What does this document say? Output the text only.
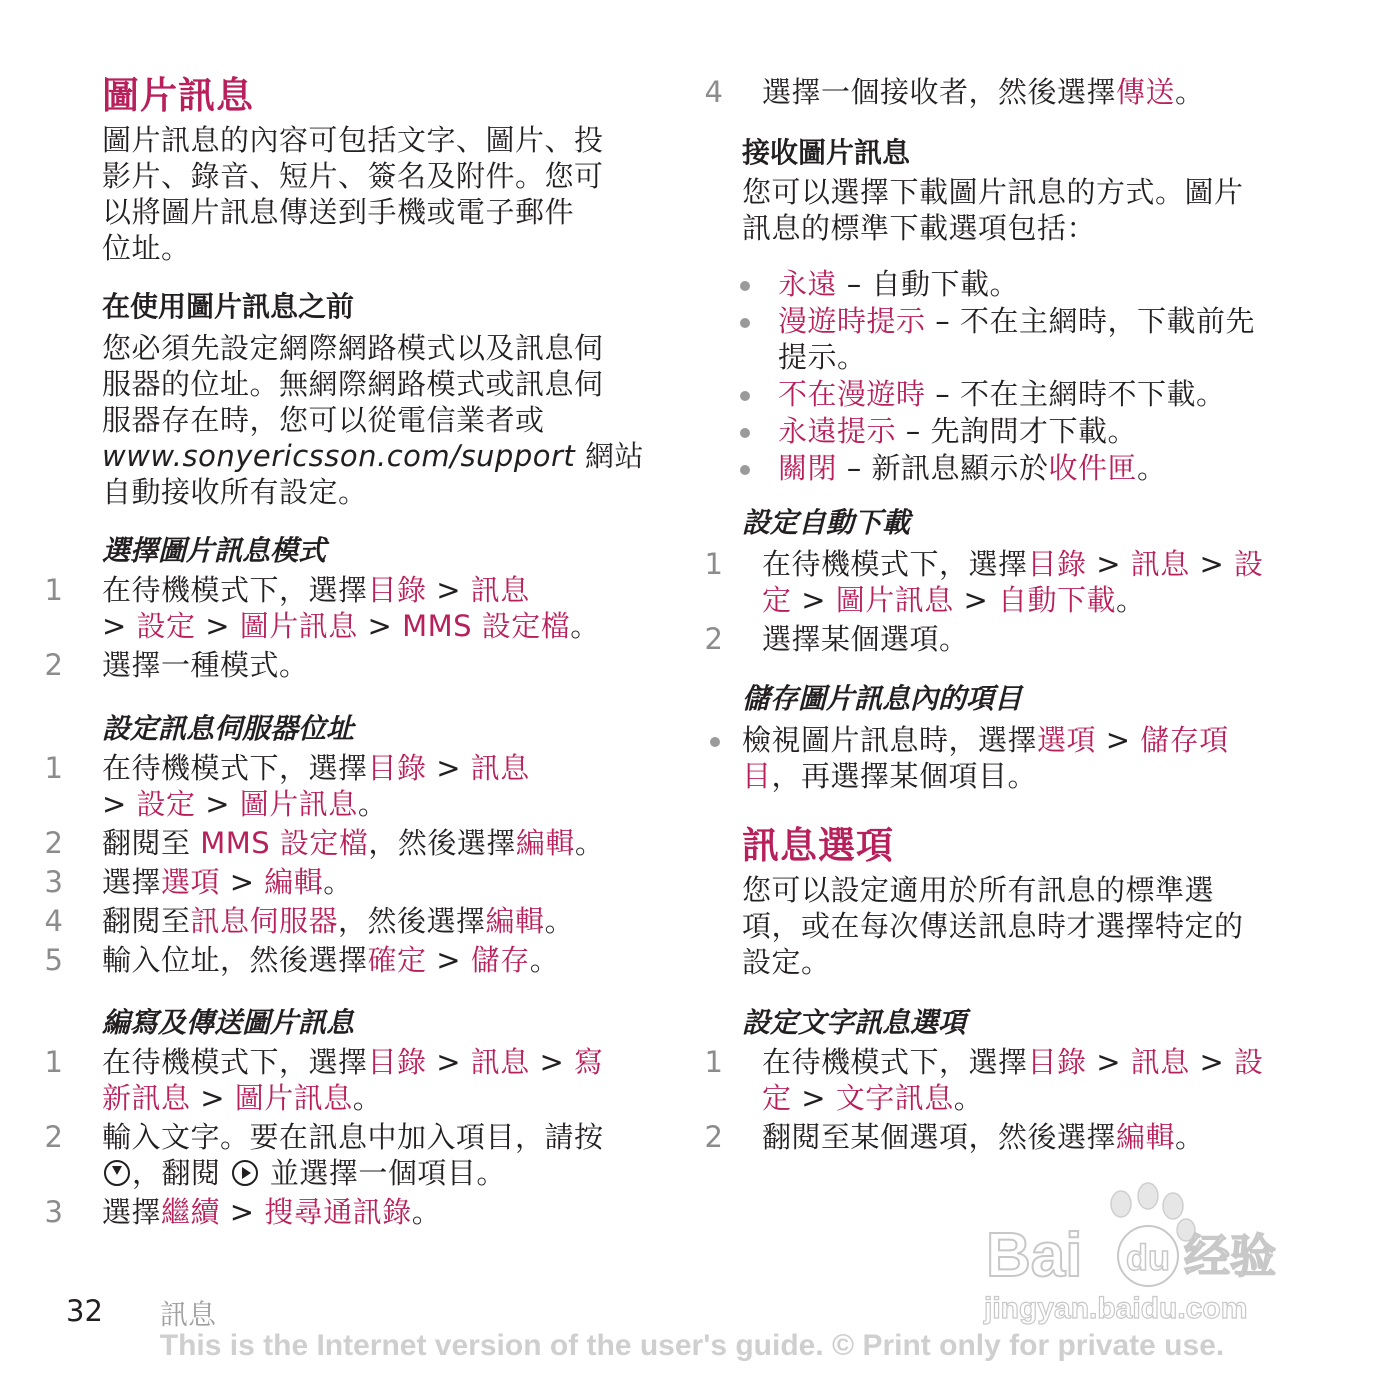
圖片訊息

圖片訊息的內容可包括文字、圖片、投

影片、錄音、短片、簽名及附件。您可

以將圖片訊息傳送到手機或電子郵件

位址。

在使用圖片訊息之前

您必須先設定網際網路模式以及訊息伺

服器的位址。無網際網路模式或訊息伺

服器存在時，您可以從電信業者或

www.sonyericsson.com/support 網站

自動接收所有設定。

選擇圖片訊息模式
1 在待機模式下，選擇目錄 > 訊息
> 設定 > 圖片訊息 > MMS 設定檔。
2 選擇一種模式。
設定訊息伺服器位址
1 在待機模式下，選擇目錄 > 訊息
> 設定 > 圖片訊息。
2 翻閱至 MMS 設定檔，然後選擇編輯。
3 選擇選項 > 編輯。
4 翻閱至訊息伺服器，然後選擇編輯。
5 輸入位址，然後選擇確定 > 儲存。
編寫及傳送圖片訊息
1 在待機模式下，選擇目錄 > 訊息 > 寫
新訊息 > 圖片訊息。
2 輸入文字。要在訊息中加入項目，請按
，翻閱  並選擇一個項目。
3 選擇繼續 > 搜尋通訊錄。
4 選擇一個接收者，然後選擇傳送。
接收圖片訊息

您可以選擇下載圖片訊息的方式。圖片

訊息的標準下載選項包括：

永遠 – 自動下載。
漫遊時提示 – 不在主網時，下載前先
提示。
不在漫遊時 – 不在主網時不下載。
永遠提示 – 先詢問才下載。
關閉 – 新訊息顯示於收件匣。
設定自動下載
1 在待機模式下，選擇目錄 > 訊息 > 設
定 > 圖片訊息 > 自動下載。
2 選擇某個選項。
儲存圖片訊息內的項目
檢視圖片訊息時，選擇選項 > 儲存項
目，再選擇某個項目。
訊息選項

您可以設定適用於所有訊息的標準選

項，或在每次傳送訊息時才選擇特定的

設定。

設定文字訊息選項
1 在待機模式下，選擇目錄 > 訊息 > 設
定 > 文字訊息。
2 翻閱至某個選項，然後選擇編輯。
Bai du 经验
jingyan.baidu.com
32 訊息
This is the Internet version of the user's guide. © Print only for private use.
